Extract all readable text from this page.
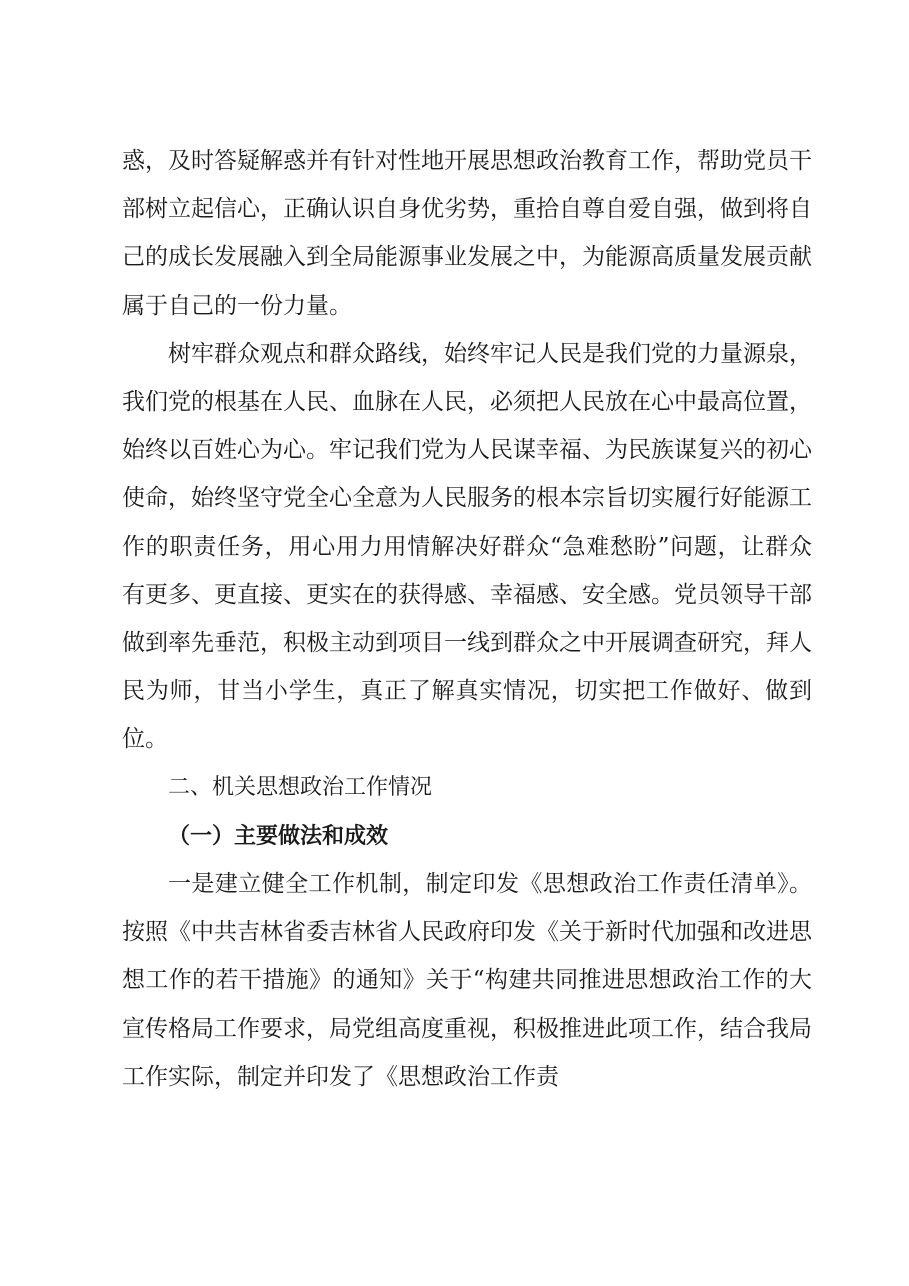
惑，及时答疑解惑并有针对性地开展思想政治教育工作，帮助党员干部树立起信心，正确认识自身优劣势，重拾自尊自爱自强，做到将自己的成长发展融入到全局能源事业发展之中，为能源高质量发展贡献属于自己的一份力量。

树牢群众观点和群众路线，始终牢记人民是我们党的力量源泉，我们党的根基在人民、血脉在人民，必须把人民放在心中最高位置，始终以百姓心为心。牢记我们党为人民谋幸福、为民族谋复兴的初心使命，始终坚守党全心全意为人民服务的根本宗旨切实履行好能源工作的职责任务，用心用力用情解决好群众“急难愁盼”问题，让群众有更多、更直接、更实在的获得感、幸福感、安全感。党员领导干部做到率先垂范，积极主动到项目一线到群众之中开展调查研究，拜人民为师，甘当小学生，真正了解真实情况，切实把工作做好、做到位。

二、机关思想政治工作情况

（一）主要做法和成效

一是建立健全工作机制，制定印发《思想政治工作责任清单》。按照《中共吉林省委吉林省人民政府印发《关于新时代加强和改进思想工作的若干措施》的通知》关于“构建共同推进思想政治工作的大宣传格局工作要求，局党组高度重视，积极推进此项工作，结合我局工作实际，制定并印发了《思想政治工作责
